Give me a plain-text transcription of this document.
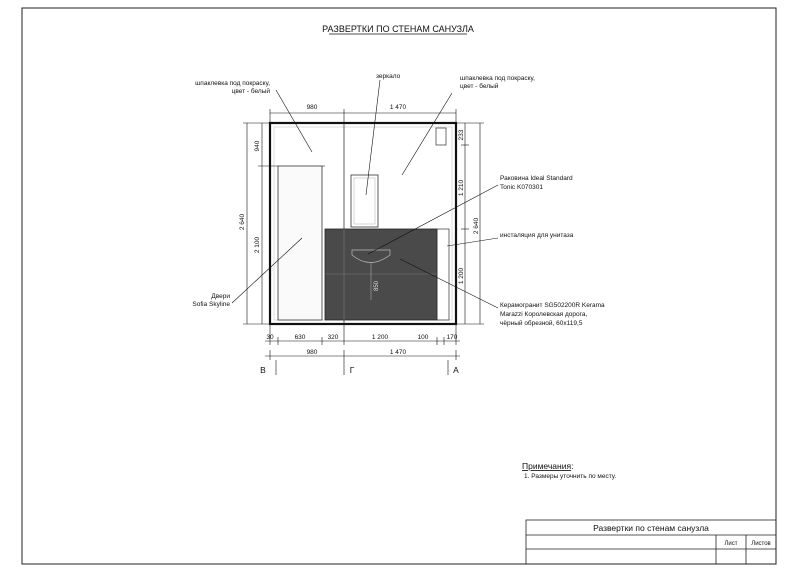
РАЗВЕРТКИ ПО СТЕНАМ САНУЗЛА
850
980	1 470
2 640
940
2 100
233
1 210
1 200
2 640
30	630	320	1 200	100	170
980	1 470
В	Г	А
шпаклевка под покраску,
цвет - белый
зеркало	шпаклевка под покраску,
цвет - белый
Раковина Ideal Standard
Tonic K070301
инсталяция для унитаза
Двери
Sofia Skyline	Керамогранит SG502200R Kerama
Marazzi Королевская дорога,
чёрный обрезной, 60х119,5
Примечания:
1. Размеры уточнить по месту.
Развертки по стенам санузла
Лист Листов
